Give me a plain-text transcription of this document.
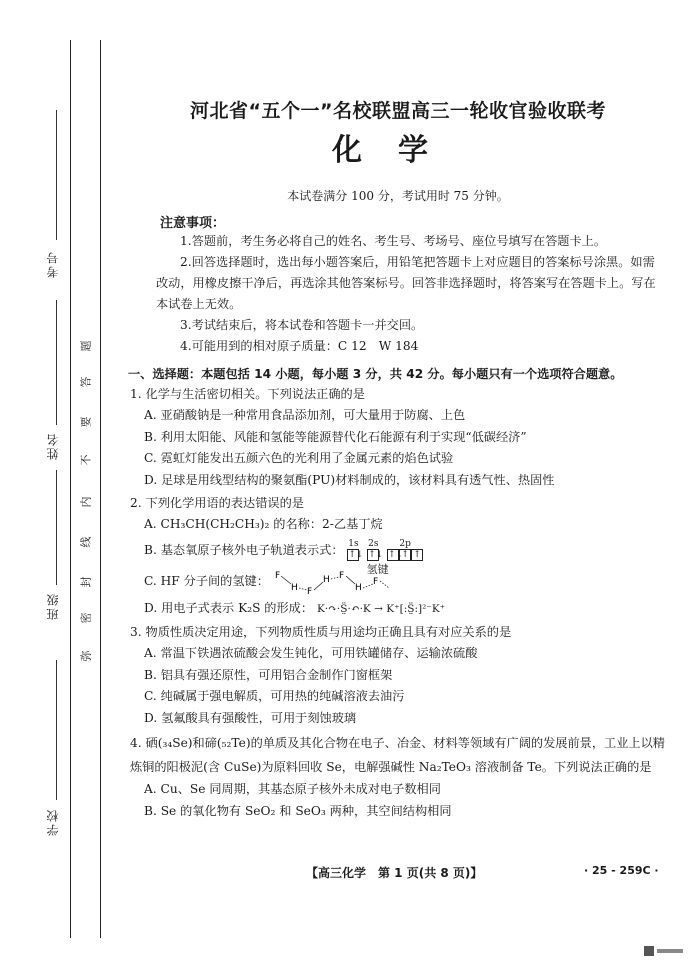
考号
姓名
班级
学校
题
答
要
不
内
线
封
密
弥
河北省“五个一”名校联盟高三一轮收官验收联考
化学
本试卷满分 100 分，考试用时 75 分钟。
注意事项：

1.答题前，考生务必将自己的姓名、考生号、考场号、座位号填写在答题卡上。

2.回答选择题时，选出每小题答案后，用铅笔把答题卡上对应题目的答案标号涂黑。如需改动，用橡皮擦干净后，再选涂其他答案标号。回答非选择题时，将答案写在答题卡上。写在本试卷上无效。

3.考试结束后，将本试卷和答题卡一并交回。

4.可能用到的相对原子质量：C 12　W 184

一、选择题：本题包括 14 小题，每小题 3 分，共 42 分。每小题只有一个选项符合题意。
1. 化学与生活密切相关。下列说法正确的是
A. 亚硝酸钠是一种常用食品添加剂，可大量用于防腐、上色
B. 利用太阳能、风能和氢能等能源替代化石能源有利于实现“低碳经济”
C. 霓虹灯能发出五颜六色的光利用了金属元素的焰色试验
D. 足球是用线型结构的聚氨酯(PU)材料制成的，该材料具有透气性、热固性
2. 下列化学用语的表达错误的是
A. CH₃CH(CH₂CH₃)₂ 的名称：2-乙基丁烷
B. 基态氧原子核外电子轨道表示式： 1s
↑↓

2s
↑↓

2p
↑↓
↑ ↑
C. HF 分子间的氢键： F
H F
H F
H
F
氢键
D. 用电子式表示 K₂S 的形成： K·↷·S̤̈·↶·K → K⁺[:S̤̈:]²⁻K⁺
3. 物质性质决定用途，下列物质性质与用途均正确且具有对应关系的是
A. 常温下铁遇浓硫酸会发生钝化，可用铁罐储存、运输浓硫酸
B. 铝具有强还原性，可用铝合金制作门窗框架
C. 纯碱属于强电解质，可用热的纯碱溶液去油污
D. 氢氟酸具有强酸性，可用于刻蚀玻璃
4. 硒(₃₄Se)和碲(₅₂Te)的单质及其化合物在电子、冶金、材料等领域有广阔的发展前景，工业上以精炼铜的阳极泥(含 CuSe)为原料回收 Se，电解强碱性 Na₂TeO₃ 溶液制备 Te。下列说法正确的是
A. Cu、Se 同周期，其基态原子核外未成对电子数相同
B. Se 的氧化物有 SeO₂ 和 SeO₃ 两种，其空间结构相同
【高三化学　第 1 页(共 8 页)】	· 25 - 259C ·
